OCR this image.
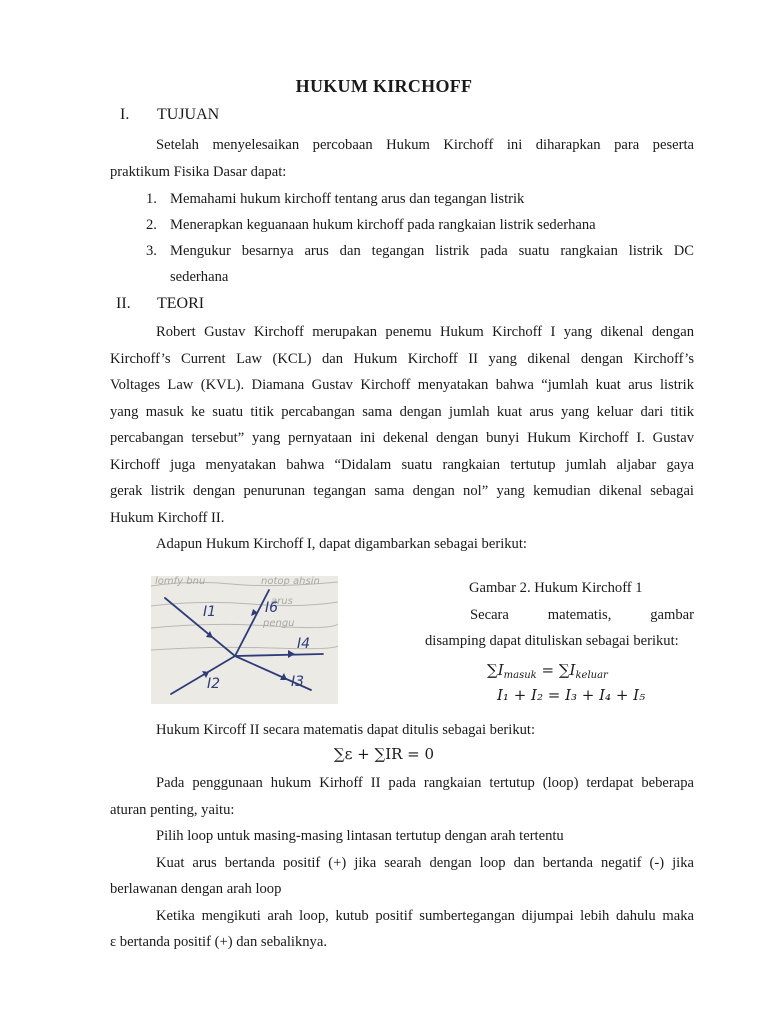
HUKUM KIRCHOFF
I. TUJUAN
Setelah menyelesaikan percobaan Hukum Kirchoff ini diharapkan para peserta
praktikum Fisika Dasar dapat:
1. Memahami hukum kirchoff tentang arus dan tegangan listrik
2. Menerapkan keguanaan hukum kirchoff pada rangkaian listrik sederhana
3. Mengukur besarnya arus dan tegangan listrik pada suatu rangkaian listrik DC
sederhana
II. TEORI
Robert Gustav Kirchoff merupakan penemu Hukum Kirchoff I yang dikenal dengan
Kirchoff’s Current Law (KCL) dan Hukum Kirchoff II yang dikenal dengan Kirchoff’s
Voltages Law (KVL). Diamana Gustav Kirchoff menyatakan bahwa “jumlah kuat arus listrik
yang masuk ke suatu titik percabangan sama dengan jumlah kuat arus yang keluar dari titik
percabangan tersebut” yang pernyataan ini dekenal dengan bunyi Hukum Kirchoff I. Gustav
Kirchoff juga menyatakan bahwa “Didalam suatu rangkaian tertutup jumlah aljabar gaya
gerak listrik dengan penurunan tegangan sama dengan nol” yang kemudian dikenal sebagai
Hukum Kirchoff II.
Adapun Hukum Kirchoff I, dapat digambarkan sebagai berikut:
lomfy bnu	notop ahsin
arus
pengu
I1	I6
I4
I2	I3
Gambar 2. Hukum Kirchoff 1
Secara	matematis,	gambar
disamping dapat dituliskan sebagai berikut:
$\sum I_{masuk} = \sum I_{keluar}$
I₁ + I₂ = I₃ + I₄ + I₅
Hukum Kircoff II secara matematis dapat ditulis sebagai berikut:
∑ε + ∑IR = 0
Pada penggunaan hukum Kirhoff II pada rangkaian tertutup (loop) terdapat beberapa
aturan penting, yaitu:
Pilih loop untuk masing-masing lintasan tertutup dengan arah tertentu
Kuat arus bertanda positif (+) jika searah dengan loop dan bertanda negatif (-) jika
berlawanan dengan arah loop
Ketika mengikuti arah loop, kutub positif sumbertegangan dijumpai lebih dahulu maka
ε bertanda positif (+) dan sebaliknya.
